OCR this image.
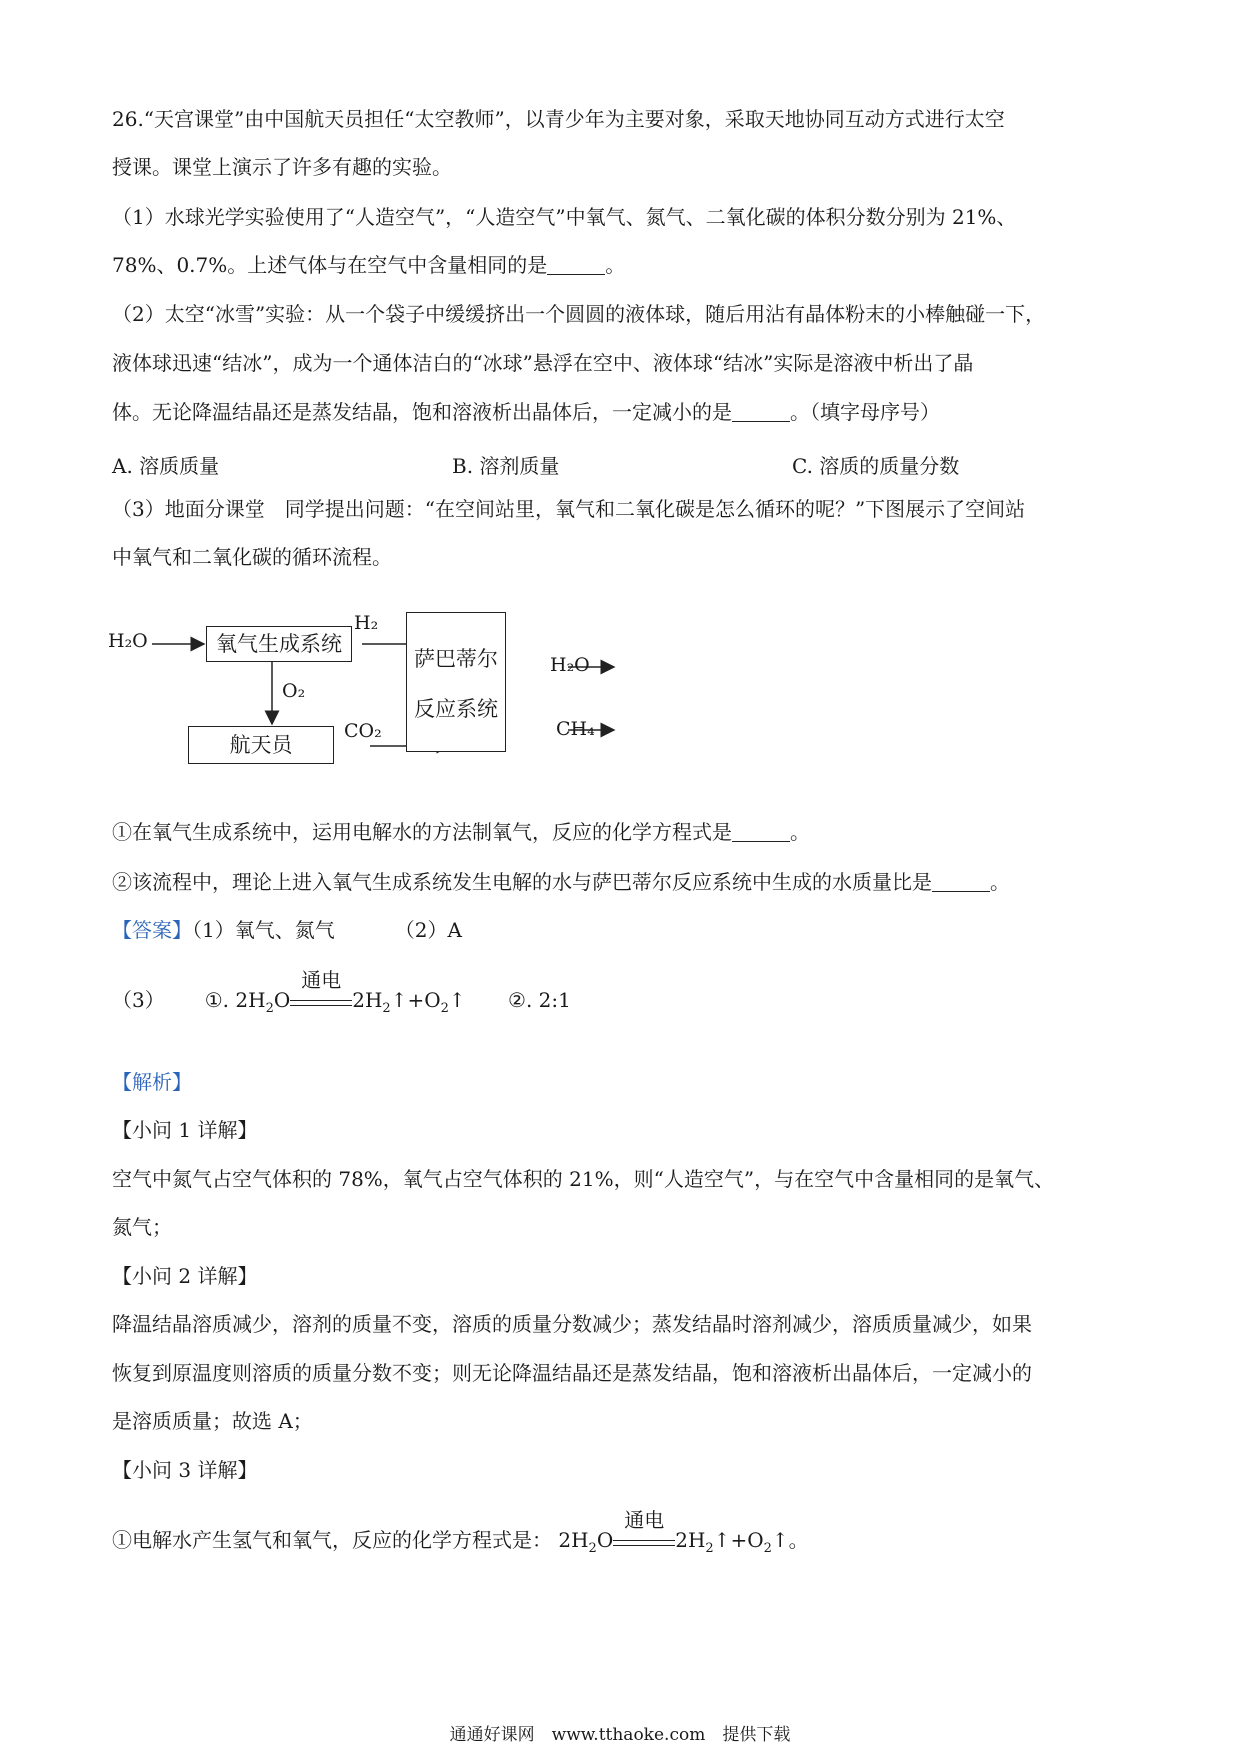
26.“天宫课堂”由中国航天员担任“太空教师”，以青少年为主要对象，采取天地协同互动方式进行太空
授课。课堂上演示了许多有趣的实验。
（1）水球光学实验使用了“人造空气”，“人造空气”中氧气、氮气、二氧化碳的体积分数分别为 21%、
78%、0.7%。上述气体与在空气中含量相同的是	。
（2）太空“冰雪”实验：从一个袋子中缓缓挤出一个圆圆的液体球，随后用沾有晶体粉末的小棒触碰一下，
液体球迅速“结冰”，成为一个通体洁白的“冰球”悬浮在空中、液体球“结冰”实际是溶液中析出了晶
体。无论降温结晶还是蒸发结晶，饱和溶液析出晶体后，一定减小的是	。（填字母序号）
A. 溶质质量	B. 溶剂质量	C. 溶质的质量分数
（3）地面分课堂　同学提出问题：“在空间站里，氧气和二氧化碳是怎么循环的呢？”下图展示了空间站
中氧气和二氧化碳的循环流程。
H₂O	氧气生成系统
H₂
O₂
航天员
CO₂
萨巴蒂尔
反应系统
H₂O
CH₄
①在氧气生成系统中，运用电解水的方法制氧气，反应的化学方程式是	。
②该流程中，理论上进入氧气生成系统发生电解的水与萨巴蒂尔反应系统中生成的水质量比是	。
【答案】（1）氧气、氮气	（2）A
（3） ①. $2H_2O$
通电
$2H_2↑+O_2↑$ ②. 2:1
【解析】
【小问 1 详解】
空气中氮气占空气体积的 78%，氧气占空气体积的 21%，则“人造空气”，与在空气中含量相同的是氧气、
氮气；
【小问 2 详解】
降温结晶溶质减少，溶剂的质量不变，溶质的质量分数减少；蒸发结晶时溶剂减少，溶质质量减少，如果
恢复到原温度则溶质的质量分数不变；则无论降温结晶还是蒸发结晶，饱和溶液析出晶体后，一定减小的
是溶质质量；故选 A；
【小问 3 详解】
①电解水产生氢气和氧气，反应的化学方程式是： $2H_2O$
通电
$2H_2↑+O_2↑$。
通通好课网　www.tthaoke.com　提供下载
